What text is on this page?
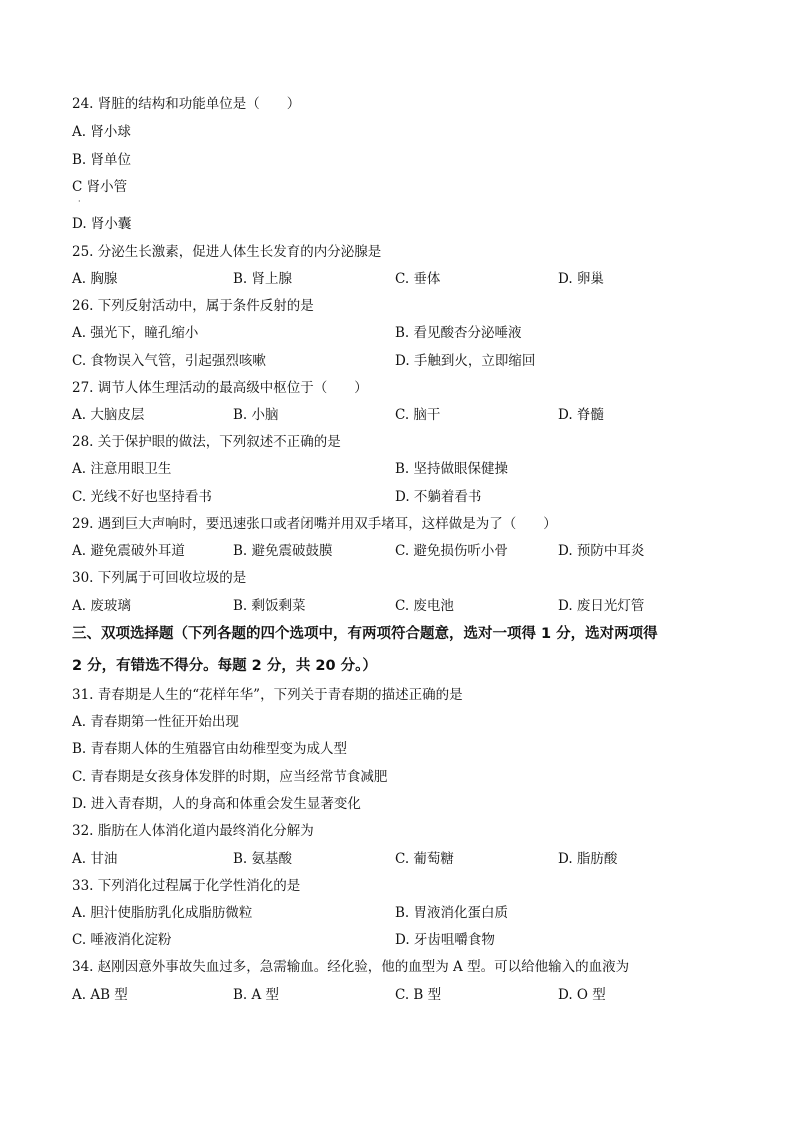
24. 肾脏的结构和功能单位是（　　）
A. 肾小球
B. 肾单位
C 肾小管
·
D. 肾小囊
25. 分泌生长激素，促进人体生长发育的内分泌腺是
A. 胸腺	B. 肾上腺	C. 垂体	D. 卵巢
26. 下列反射活动中，属于条件反射的是
A. 强光下，瞳孔缩小	B. 看见酸杏分泌唾液
C. 食物误入气管，引起强烈咳嗽	D. 手触到火，立即缩回
27. 调节人体生理活动的最高级中枢位于（　　）
A. 大脑皮层	B. 小脑	C. 脑干	D. 脊髓
28. 关于保护眼的做法，下列叙述不正确的是
A. 注意用眼卫生	B. 坚持做眼保健操
C. 光线不好也坚持看书	D. 不躺着看书
29. 遇到巨大声响时，要迅速张口或者闭嘴并用双手堵耳，这样做是为了（　　）
A. 避免震破外耳道	B. 避免震破鼓膜	C. 避免损伤听小骨	D. 预防中耳炎
30. 下列属于可回收垃圾的是
A. 废玻璃	B. 剩饭剩菜	C. 废电池	D. 废日光灯管
三、双项选择题（下列各题的四个选项中，有两项符合题意，选对一项得 1 分，选对两项得
2 分，有错选不得分。每题 2 分，共 20 分。）
31. 青春期是人生的“花样年华”，下列关于青春期的描述正确的是
A. 青春期第一性征开始出现
B. 青春期人体的生殖器官由幼稚型变为成人型
C. 青春期是女孩身体发胖的时期，应当经常节食减肥
D. 进入青春期，人的身高和体重会发生显著变化
32. 脂肪在人体消化道内最终消化分解为
A. 甘油	B. 氨基酸	C. 葡萄糖	D. 脂肪酸
33. 下列消化过程属于化学性消化的是
A. 胆汁使脂肪乳化成脂肪微粒	B. 胃液消化蛋白质
C. 唾液消化淀粉	D. 牙齿咀嚼食物
34. 赵刚因意外事故失血过多，急需输血。经化验，他的血型为 A 型。可以给他输入的血液为
A. AB 型	B. A 型	C. B 型	D. O 型
